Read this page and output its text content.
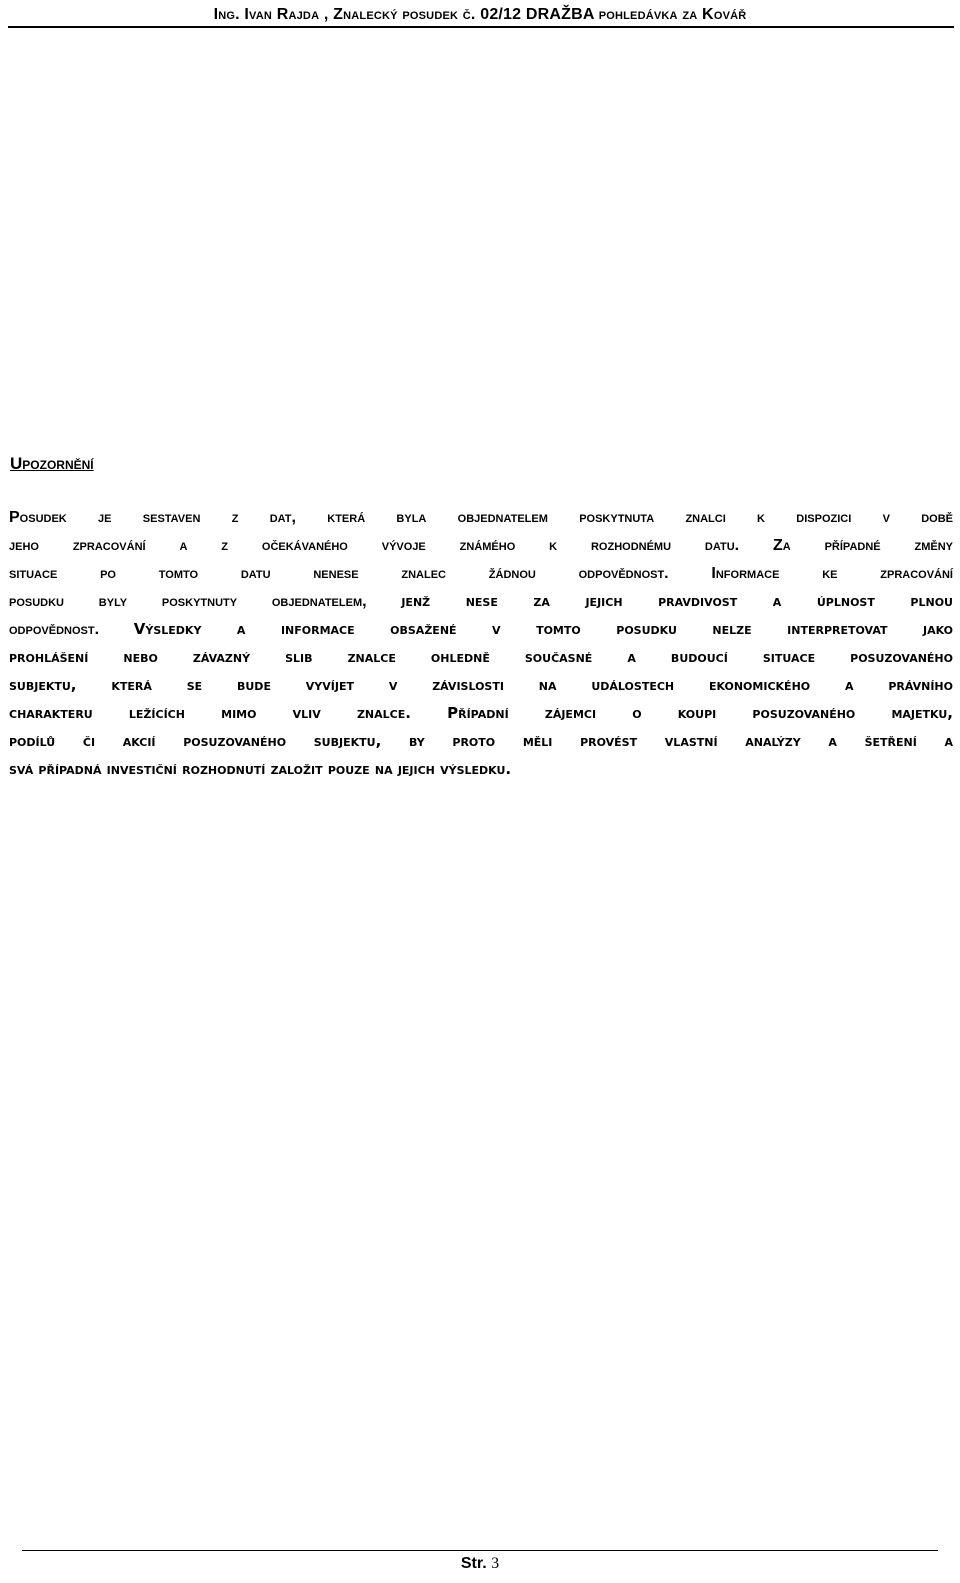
Ing. Ivan Rajda , Znalecký posudek č. 02/12 DRAŽBA pohledávka za Kovář
Upozornění
Posudek je sestaven z dat, která byla objednatelem poskytnuta znalci k dispozici v době
jeho zpracování a z očekávaného vývoje známého k rozhodnému datu. Za případné změny
situace po tomto datu nenese znalec žádnou odpovědnost. Informace ke zpracování
posudku byly poskytnuty objednatelem, jenž nese za jejich pravdivost a úplnost plnou
odpovědnost. Výsledky a informace obsažené v tomto posudku nelze interpretovat jako
prohlášení nebo závazný slib znalce ohledně současné a budoucí situace posuzovaného
subjektu, která se bude vyvíjet v závislosti na událostech ekonomického a právního
charakteru ležících mimo vliv znalce. Případní zájemci o koupi posuzovaného majetku,
podílů či akcií posuzovaného subjektu, by proto měli provést vlastní analýzy a šetření a
svá případná investiční rozhodnutí založit pouze na jejich výsledku.
Str. 3
